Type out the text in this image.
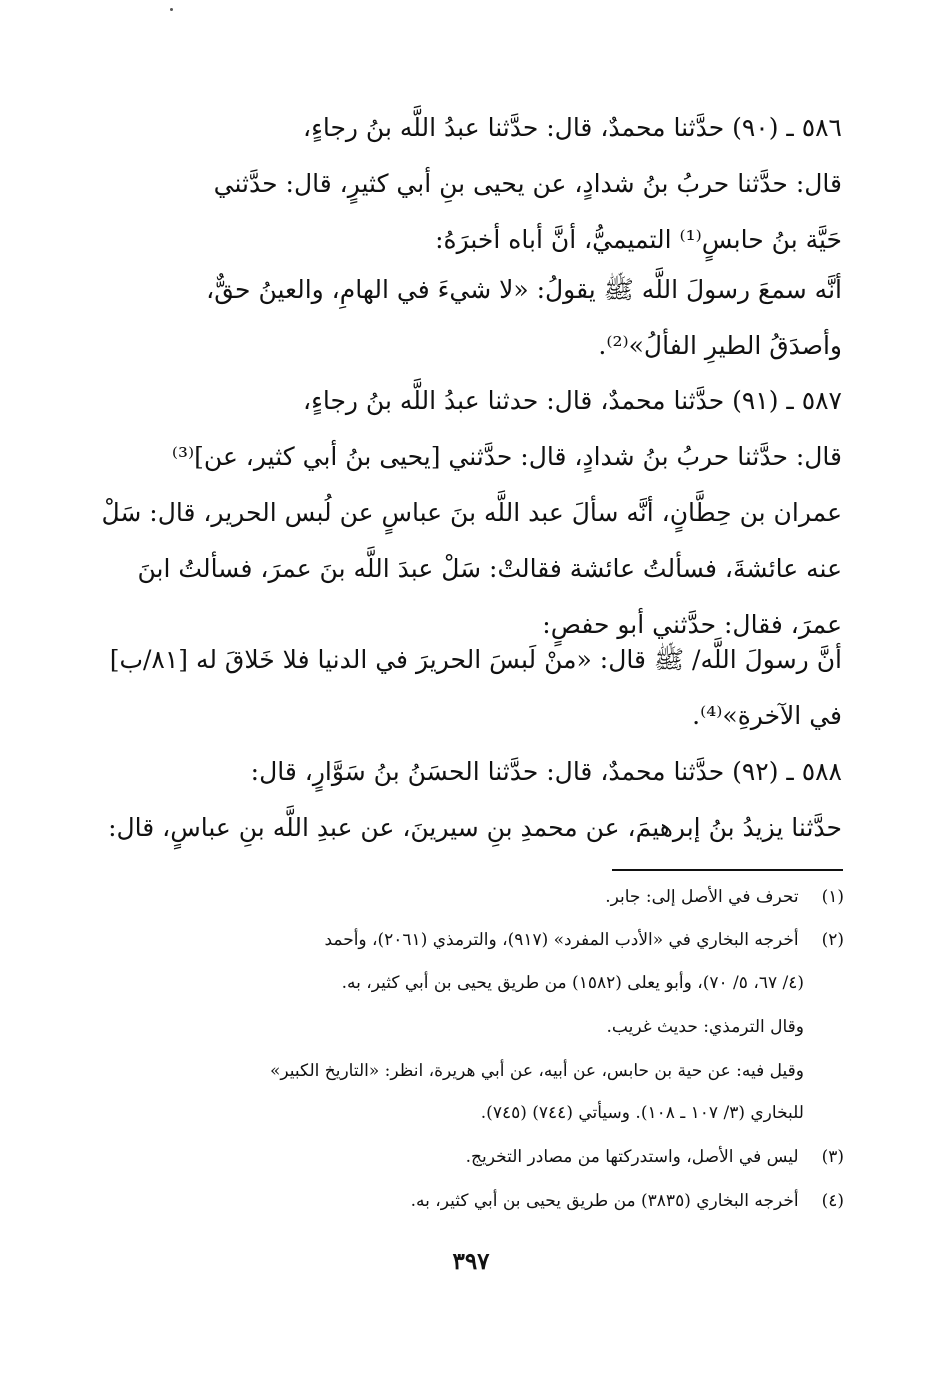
٥٨٦ ـ (٩٠) حدَّثنا محمدٌ، قال: حدَّثنا عبدُ اللَّه بنُ رجاءٍ،
قال: حدَّثنا حربُ بنُ شدادٍ، عن يحيى بنِ أبي كثيرٍ، قال: حدَّثني
حَيَّة بنُ حابسٍ⁽¹⁾ التميميُّ، أنَّ أباه أخبرَهُ:
أنَّه سمعَ رسولَ اللَّه ﷺ يقولُ: «لا شيءَ في الهامِ، والعينُ حقٌّ،
وأصدَقُ الطيرِ الفألُ»⁽²⁾.
٥٨٧ ـ (٩١) حدَّثنا محمدٌ، قال: حدثنا عبدُ اللَّه بنُ رجاءٍ،
قال: حدَّثنا حربُ بنُ شدادٍ، قال: حدَّثني [يحيى بنُ أبي كثير، عن]⁽³⁾
عمران بن حِطَّانٍ، أنَّه سألَ عبد اللَّه بنَ عباسٍ عن لُبس الحرير، قال: سَلْ
عنه عائشةَ، فسألتُ عائشة فقالتْ: سَلْ عبدَ اللَّه بنَ عمرَ، فسألتُ ابنَ
عمرَ، فقال: حدَّثني أبو حفصٍ:
أنَّ رسولَ اللَّه/ ﷺ قال: «منْ لَبسَ الحريرَ في الدنيا فلا خَلاقَ له [٨١/ب]
في الآخرةِ»⁽⁴⁾.
٥٨٨ ـ (٩٢) حدَّثنا محمدٌ، قال: حدَّثنا الحسَنُ بنُ سَوَّارٍ، قال:
حدَّثنا يزيدُ بنُ إبرهيمَ، عن محمدِ بنِ سيرينَ، عن عبدِ اللَّه بنِ عباسٍ، قال:
(١) تحرف في الأصل إلى: جابر.
(٢) أخرجه البخاري في «الأدب المفرد» (٩١٧)، والترمذي (٢٠٦١)، وأحمد
(٤/ ٦٧، ٥/ ٧٠)، وأبو يعلى (١٥٨٢) من طريق يحيى بن أبي كثير، به.
وقال الترمذي: حديث غريب.
وقيل فيه: عن حية بن حابس، عن أبيه، عن أبي هريرة، انظر: «التاريخ الكبير»
للبخاري (٣/ ١٠٧ ـ ١٠٨). وسيأتي (٧٤٤) (٧٤٥).
(٣) ليس في الأصل، واستدركتها من مصادر التخريج.
(٤) أخرجه البخاري (٣٨٣٥) من طريق يحيى بن أبي كثير، به.
٣٩٧
